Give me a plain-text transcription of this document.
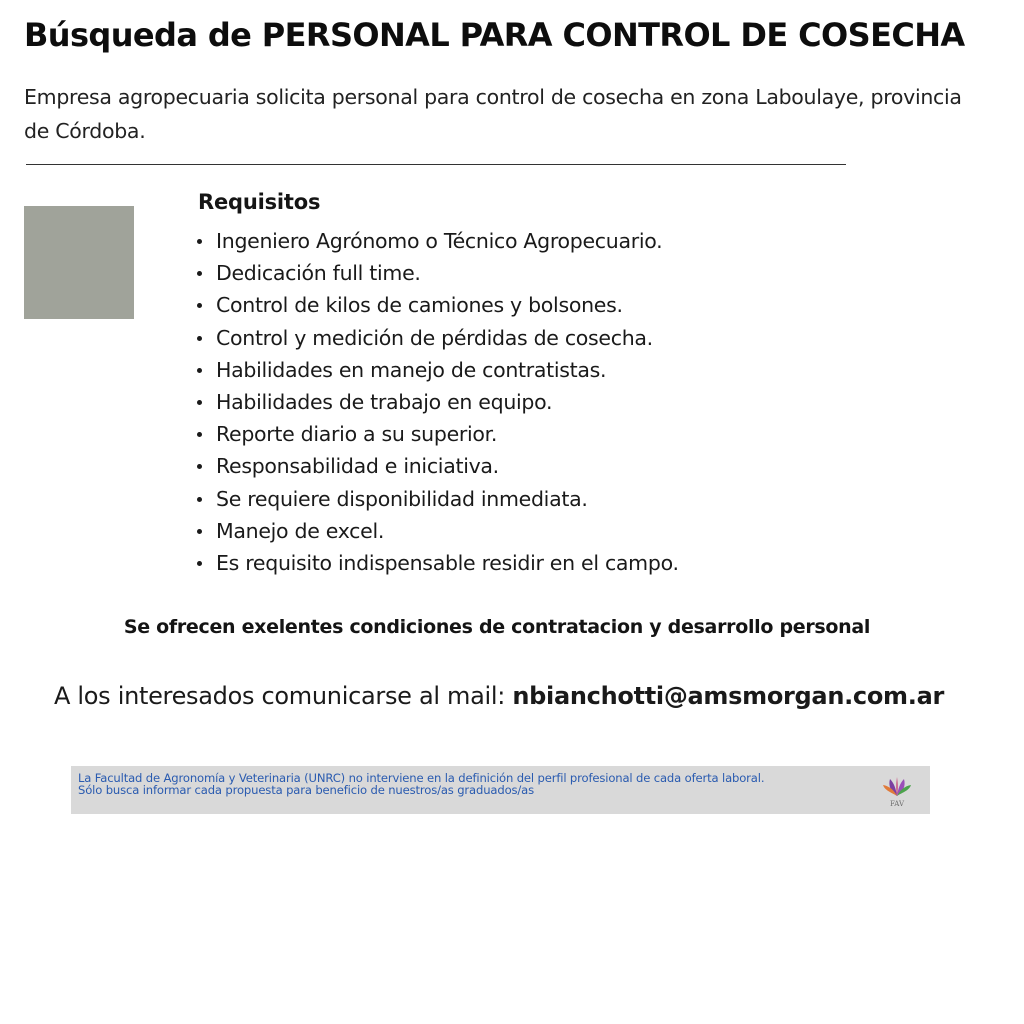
Búsqueda de PERSONAL PARA CONTROL DE COSECHA

Empresa agropecuaria solicita personal para control de cosecha en zona Laboulaye, provincia de Córdoba.

Requisitos
Ingeniero Agrónomo o Técnico Agropecuario.
Dedicación full time.
Control de kilos de camiones y bolsones.
Control y medición de pérdidas de cosecha.
Habilidades en manejo de contratistas.
Habilidades de trabajo en equipo.
Reporte diario a su superior.
Responsabilidad e iniciativa.
Se requiere disponibilidad inmediata.
Manejo de excel.
Es requisito indispensable residir en el campo.

Se ofrecen exelentes condiciones de contratacion y desarrollo personal

A los interesados comunicarse al mail: nbianchotti@amsmorgan.com.ar

La Facultad de Agronomía y Veterinaria (UNRC) no interviene en la definición del perfil profesional de cada oferta laboral.
Sólo busca informar cada propuesta para beneficio de nuestros/as graduados/as
FAV
